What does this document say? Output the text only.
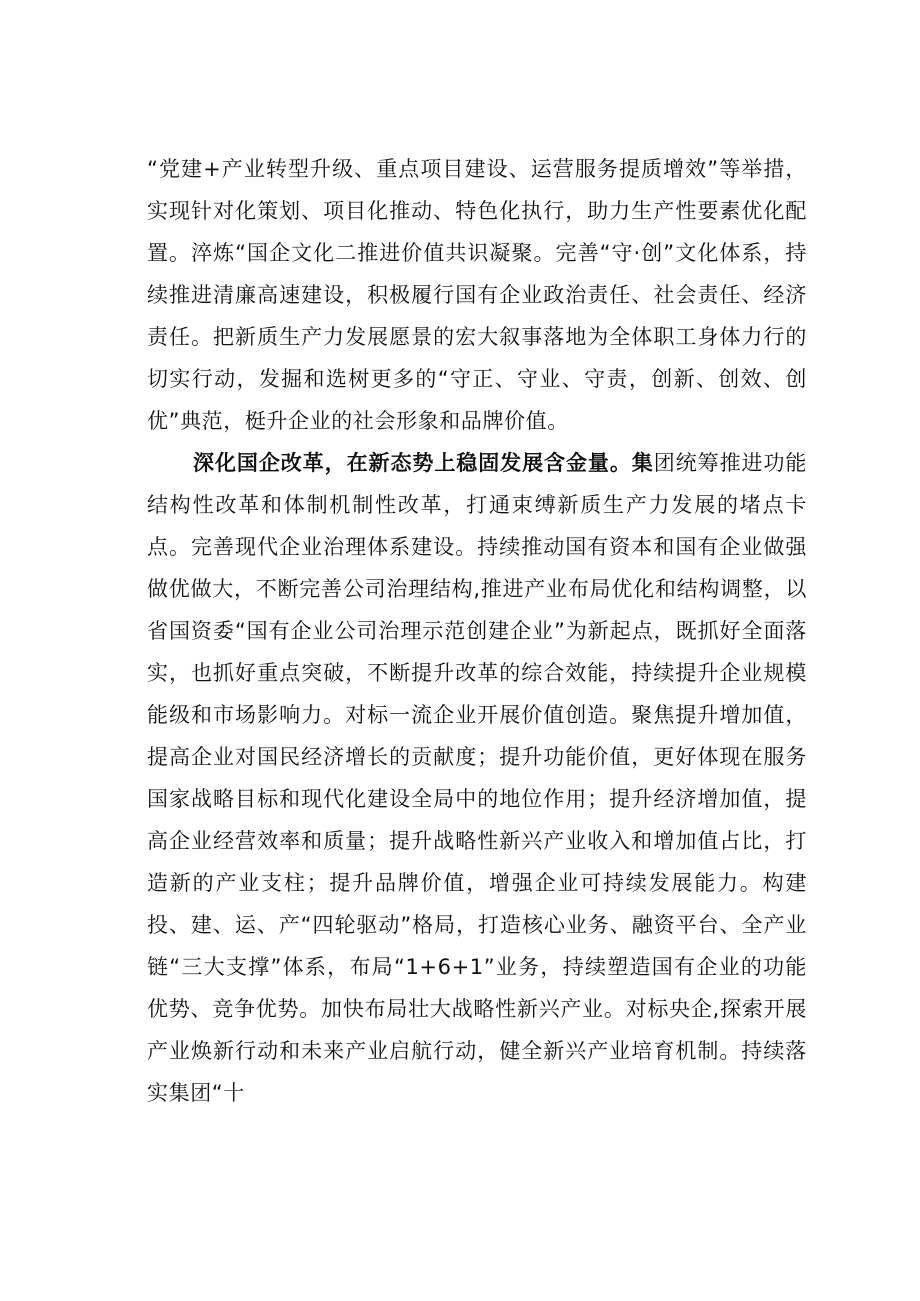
“党建+产业转型升级、重点项目建设、运营服务提质增效”等举措，实现针对化策划、项目化推动、特色化执行，助力生产性要素优化配置。淬炼“国企文化二推进价值共识凝聚。完善“守·创”文化体系，持续推进清廉高速建设，积极履行国有企业政治责任、社会责任、经济责任。把新质生产力发展愿景的宏大叙事落地为全体职工身体力行的切实行动，发掘和选树更多的“守正、守业、守责，创新、创效、创优”典范，梃升企业的社会形象和品牌价值。

深化国企改革，在新态势上稳固发展含金量。集团统筹推进功能结构性改革和体制机制性改革，打通束缚新质生产力发展的堵点卡点。完善现代企业治理体系建设。持续推动国有资本和国有企业做强做优做大，不断完善公司治理结构,推进产业布局优化和结构调整，以省国资委“国有企业公司治理示范创建企业”为新起点，既抓好全面落实，也抓好重点突破，不断提升改革的综合效能，持续提升企业规模能级和市场影响力。对标一流企业开展价值创造。聚焦提升增加值，提高企业对国民经济增长的贡献度；提升功能价值，更好体现在服务国家战略目标和现代化建设全局中的地位作用；提升经济增加值，提高企业经营效率和质量；提升战略性新兴产业收入和增加值占比，打造新的产业支柱；提升品牌价值，增强企业可持续发展能力。构建投、建、运、产“四轮驱动”格局，打造核心业务、融资平台、全产业链“三大支撑”体系，布局“1+6+1”业务，持续塑造国有企业的功能优势、竞争优势。加快布局壮大战略性新兴产业。对标央企,探索开展产业焕新行动和未来产业启航行动，健全新兴产业培育机制。持续落实集团“十
